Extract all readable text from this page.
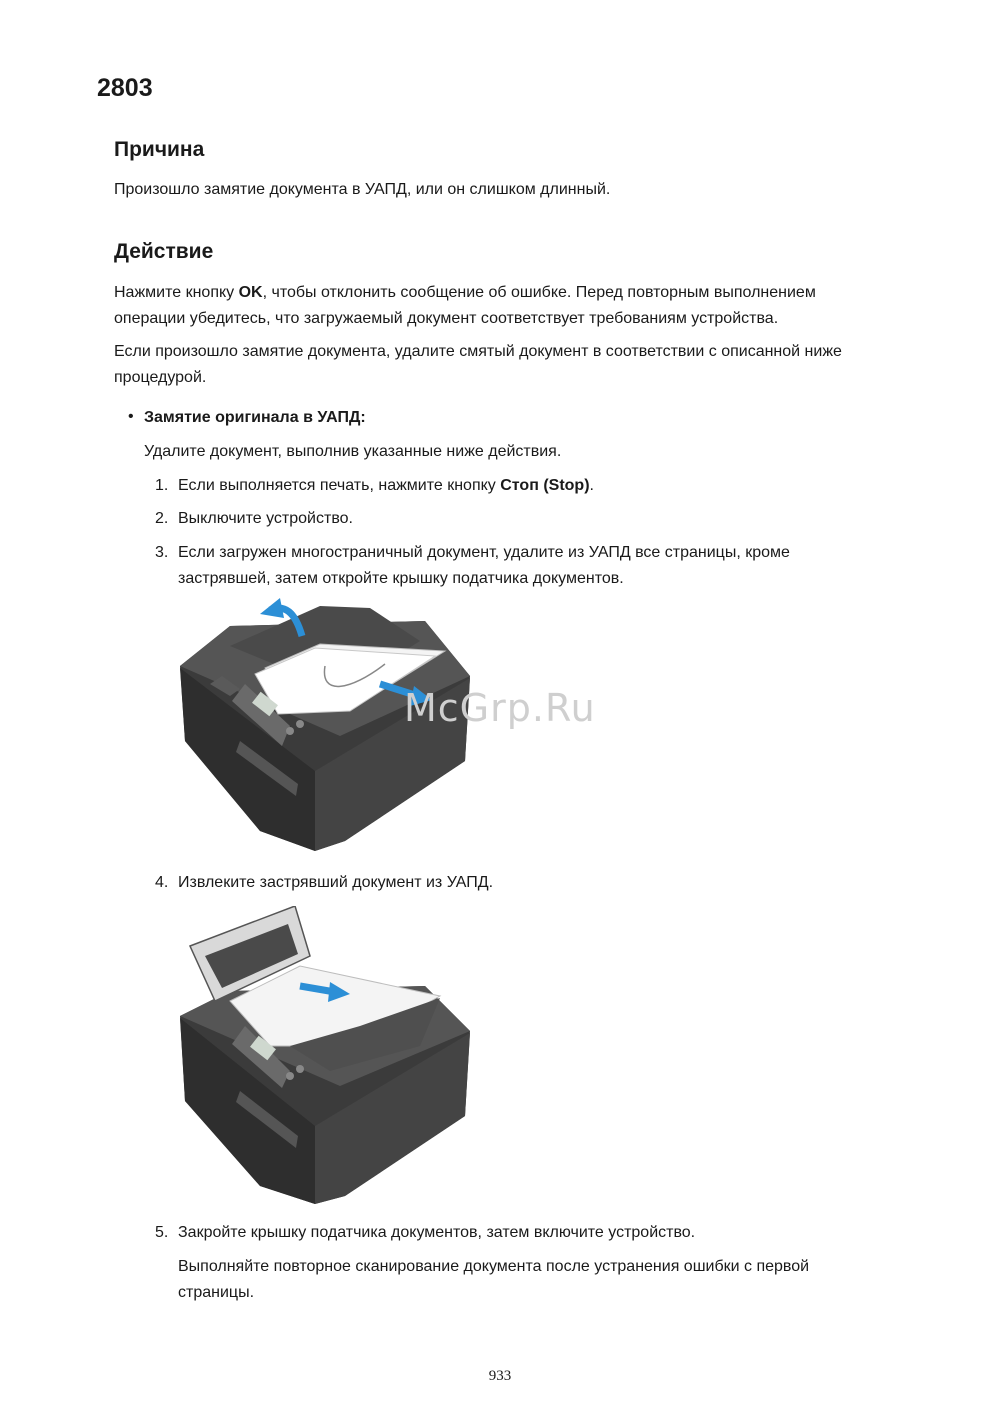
2803
Причина
Произошло замятие документа в УАПД, или он слишком длинный.
Действие
Нажмите кнопку OK, чтобы отклонить сообщение об ошибке. Перед повторным выполнением
операции убедитесь, что загружаемый документ соответствует требованиям устройства.
Если произошло замятие документа, удалите смятый документ в соответствии с описанной ниже
процедурой.
• Замятие оригинала в УАПД:
Удалите документ, выполнив указанные ниже действия.
1. Если выполняется печать, нажмите кнопку Стоп (Stop).
2. Выключите устройство.
3. Если загружен многостраничный документ, удалите из УАПД все страницы, кроме
застрявшей, затем откройте крышку податчика документов.
McGrp.Ru
4. Извлеките застрявший документ из УАПД.
5. Закройте крышку податчика документов, затем включите устройство.
Выполняйте повторное сканирование документа после устранения ошибки с первой
страницы.
933
